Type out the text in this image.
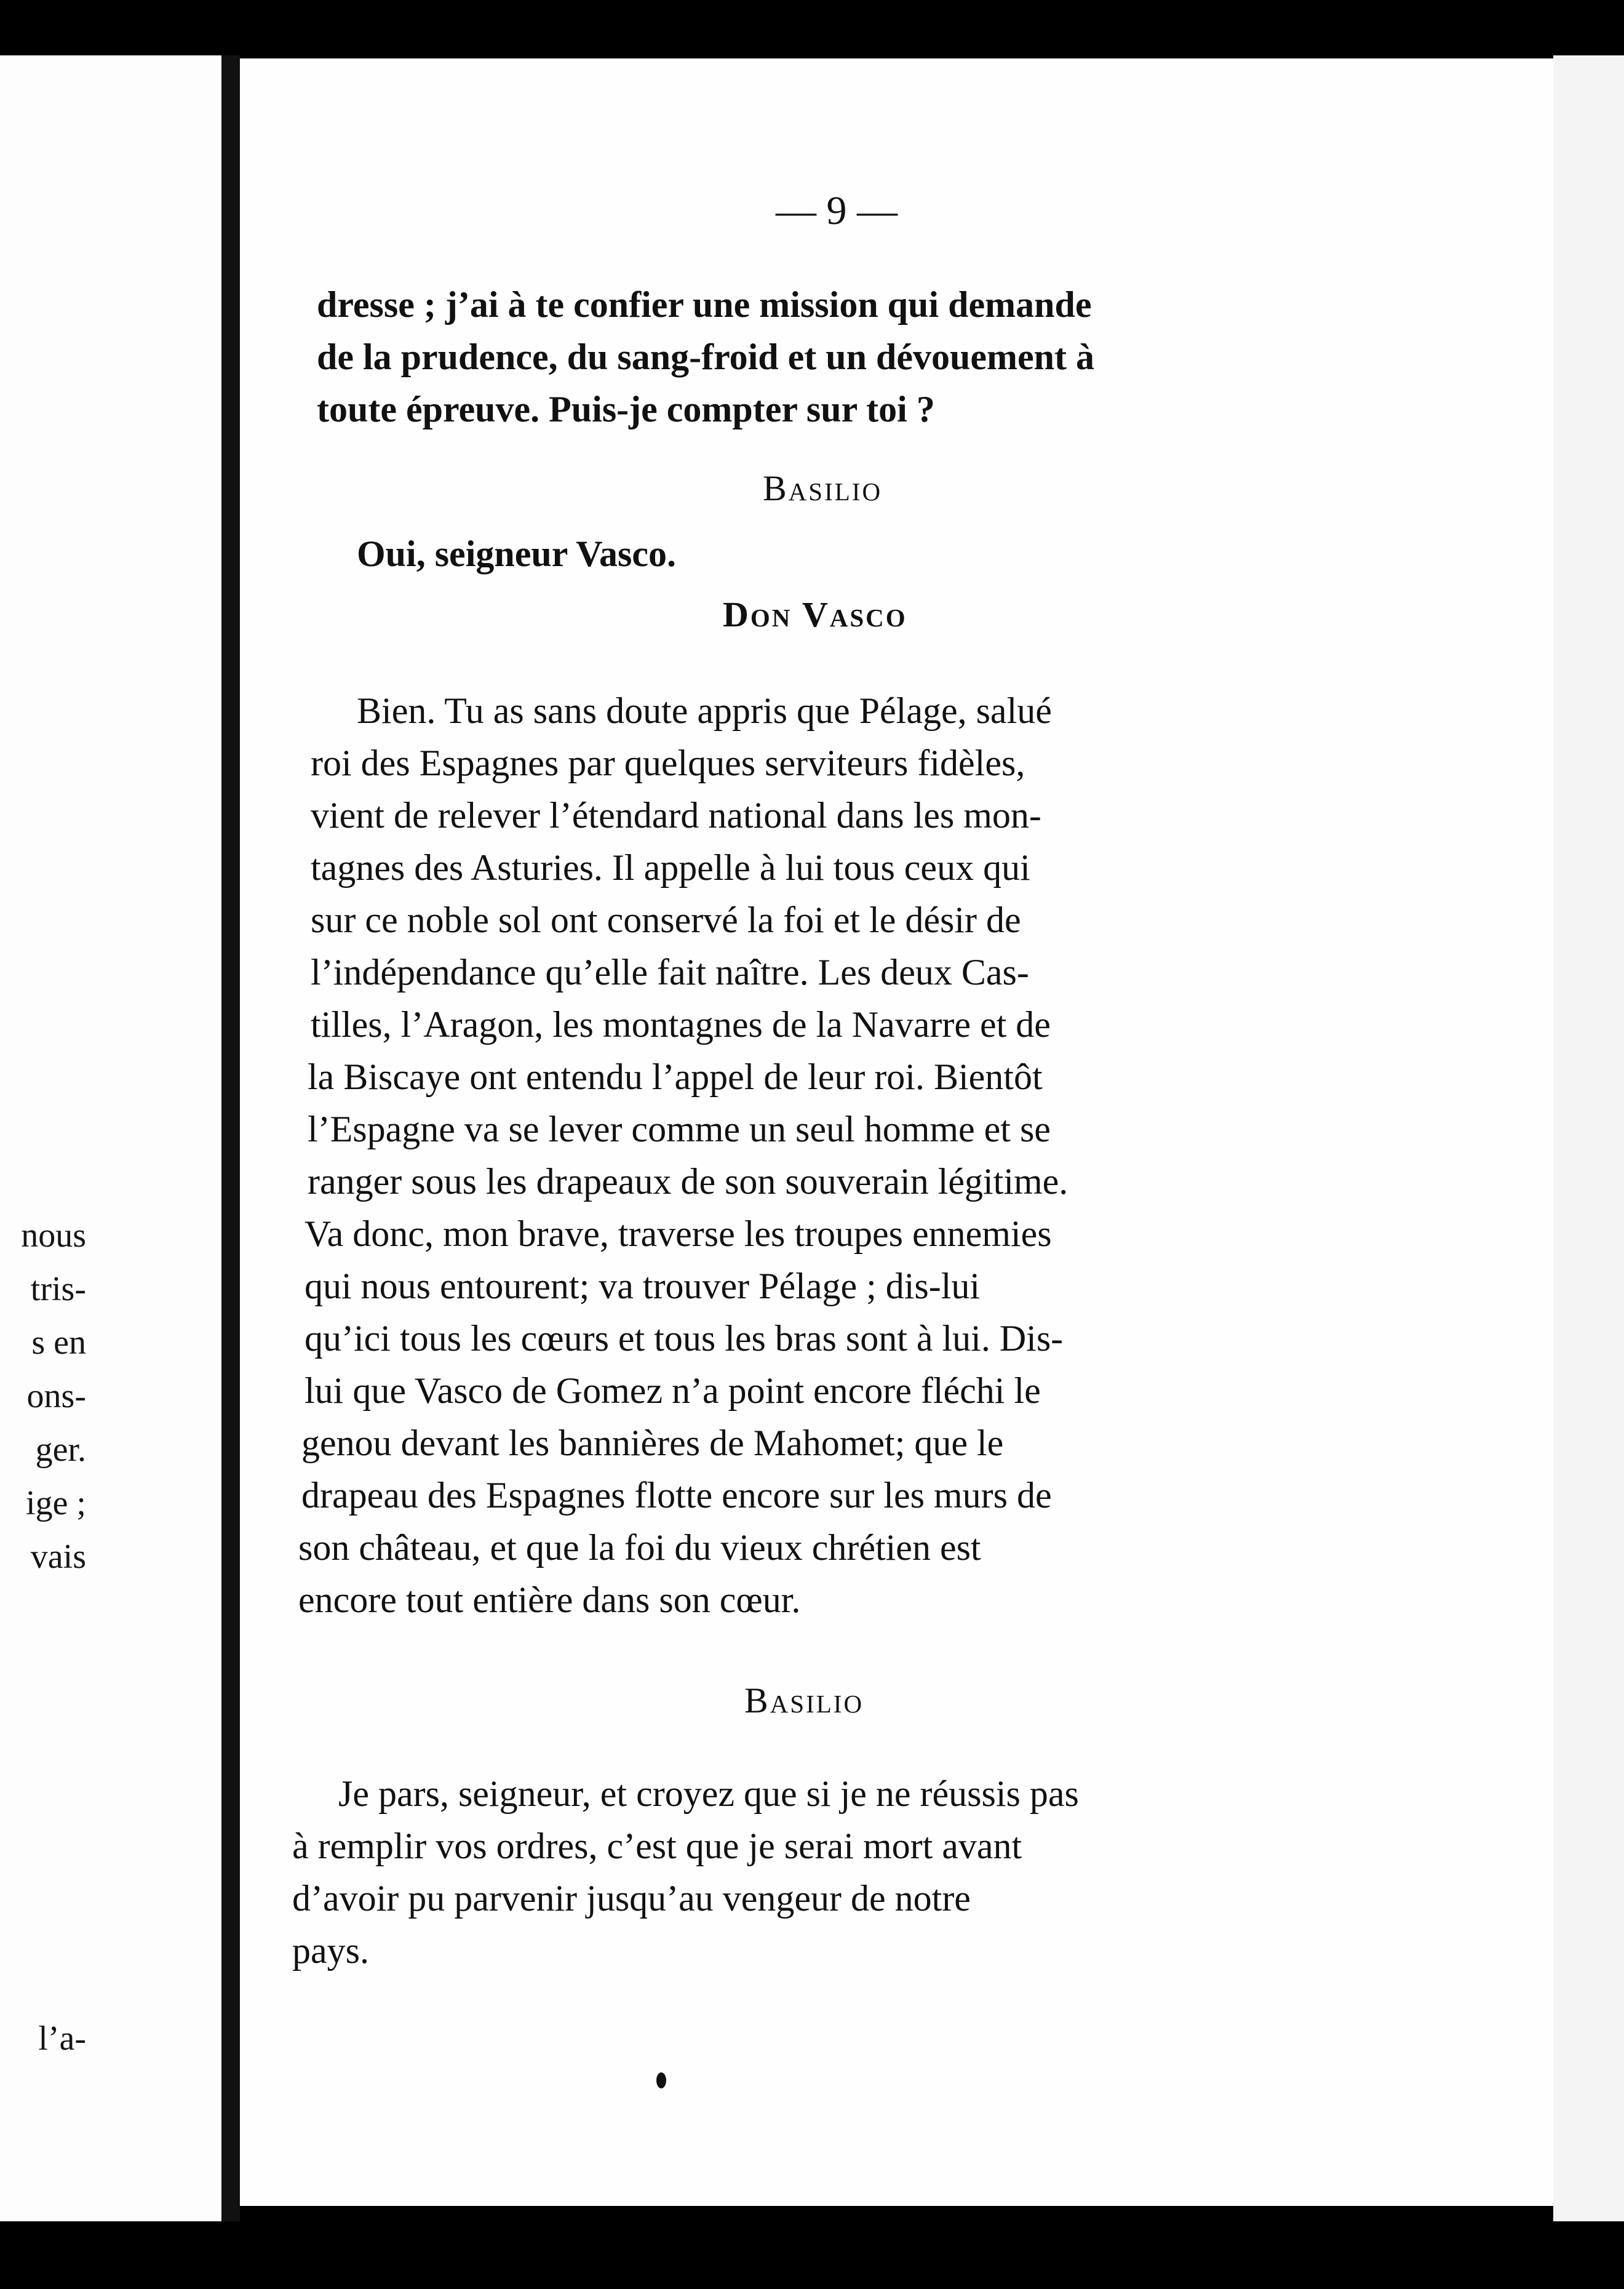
nous
tris-
s en
ons-
ger.
ige ;
vais
l’a-
— 9 —
dresse ; j’ai à te confier une mission qui demande
de la prudence, du sang-froid et un dévouement à
toute épreuve. Puis-je compter sur toi ?
Basilio
Oui, seigneur Vasco.
Don Vasco
Bien. Tu as sans doute appris que Pélage, salué
roi des Espagnes par quelques serviteurs fidèles,
vient de relever l’étendard national dans les mon-
tagnes des Asturies. Il appelle à lui tous ceux qui
sur ce noble sol ont conservé la foi et le désir de
l’indépendance qu’elle fait naître. Les deux Cas-
tilles, l’Aragon, les montagnes de la Navarre et de
la Biscaye ont entendu l’appel de leur roi. Bientôt
l’Espagne va se lever comme un seul homme et se
ranger sous les drapeaux de son souverain légitime.
Va donc, mon brave, traverse les troupes ennemies
qui nous entourent; va trouver Pélage ; dis-lui
qu’ici tous les cœurs et tous les bras sont à lui. Dis-
lui que Vasco de Gomez n’a point encore fléchi le
genou devant les bannières de Mahomet; que le
drapeau des Espagnes flotte encore sur les murs de
son château, et que la foi du vieux chrétien est
encore tout entière dans son cœur.
Basilio
Je pars, seigneur, et croyez que si je ne réussis pas
à remplir vos ordres, c’est que je serai mort avant
d’avoir pu parvenir jusqu’au vengeur de notre
pays.
